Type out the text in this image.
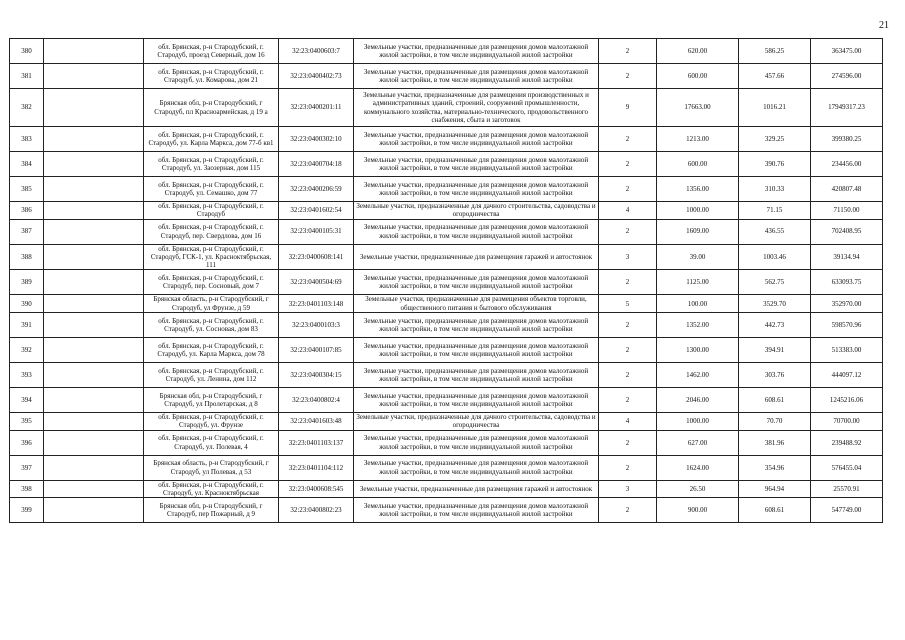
21
380		обл. Брянская, р-н Стародубский, г. Стародуб, проезд Северный, дом 16	32:23:0400603:7	Земельные участки, предназначенные для размещения домов малоэтажной жилой застройки, в том числе индивидуальной жилой застройки	2	620.00	586.25	363475.00
381		обл. Брянская, р-н Стародубский, г. Стародуб, ул. Комарова, дом 21	32:23:0400402:73	Земельные участки, предназначенные для размещения домов малоэтажной жилой застройки, в том числе индивидуальной жилой застройки	2	600.00	457.66	274596.00
382		Брянская обл, р-н Стародубский, г Стародуб, пл Красноармейская, д 19 а	32:23:0400201:11	Земельные участки, предназначенные для размещения производственных и административных зданий, строений, сооружений промышленности, коммунального хозяйства, материально-технического, продовольственного снабжения, сбыта и заготовок	9	17663.00	1016.21	17949317.23
383		обл. Брянская, р-н Стародубский, г. Стародуб, ул. Карла Маркса, дом 77-б кв1	32:23:0400302:10	Земельные участки, предназначенные для размещения домов малоэтажной жилой застройки, в том числе индивидуальной жилой застройки	2	1213.00	329.25	399380.25
384		обл. Брянская, р-н Стародубский, г. Стародуб, ул. Заозерная, дом 115	32:23:0400704:18	Земельные участки, предназначенные для размещения домов малоэтажной жилой застройки, в том числе индивидуальной жилой застройки	2	600.00	390.76	234456.00
385		обл. Брянская, р-н Стародубский, г. Стародуб, ул. Семашко, дом 77	32:23:0400206:59	Земельные участки, предназначенные для размещения домов малоэтажной жилой застройки, в том числе индивидуальной жилой застройки	2	1356.00	310.33	420807.48
386		обл. Брянская, р-н Стародубский, г. Стародуб	32:23:0401602:54	Земельные участки, предназначенные для дачного строительства, садоводства и огородничества	4	1000.00	71.15	71150.00
387		обл. Брянская, р-н Стародубский, г. Стародуб, пер. Свердлова, дом 16	32:23:0400105:31	Земельные участки, предназначенные для размещения домов малоэтажной жилой застройки, в том числе индивидуальной жилой застройки	2	1609.00	436.55	702408.95
388		обл. Брянская, р-н Стародубский, г. Стародуб, ГСК-1, ул. Красноктябрьская, 111	32:23:0400608:141	Земельные участки, предназначенные для размещения гаражей и автостоянок	3	39.00	1003.46	39134.94
389		обл. Брянская, р-н Стародубский, г. Стародуб, пер. Сосновый, дом 7	32:23:0400504:69	Земельные участки, предназначенные для размещения домов малоэтажной жилой застройки, в том числе индивидуальной жилой застройки	2	1125.00	562.75	633093.75
390		Брянская область, р-н Стародубский, г Стародуб, ул Фрунзе, д 59	32:23:0401103:148	Земельные участки, предназначенные для размещения объектов торговли, общественного питания и бытового обслуживания	5	100.00	3529.70	352970.00
391		обл. Брянская, р-н Стародубский, г. Стародуб, ул. Сосновая, дом 83	32:23:0400103:3	Земельные участки, предназначенные для размещения домов малоэтажной жилой застройки, в том числе индивидуальной жилой застройки	2	1352.00	442.73	598570.96
392		обл. Брянская, р-н Стародубский, г. Стародуб, ул. Карла Маркса, дом 78	32:23:0400107:85	Земельные участки, предназначенные для размещения домов малоэтажной жилой застройки, в том числе индивидуальной жилой застройки	2	1300.00	394.91	513383.00
393		обл. Брянская, р-н Стародубский, г. Стародуб, ул. Ленина, дом 112	32:23:0400304:15	Земельные участки, предназначенные для размещения домов малоэтажной жилой застройки, в том числе индивидуальной жилой застройки	2	1462.00	303.76	444097.12
394		Брянская обл, р-н Стародубский, г Стародуб, ул Пролетарская, д 8	32:23:0400802:4	Земельные участки, предназначенные для размещения домов малоэтажной жилой застройки, в том числе индивидуальной жилой застройки	2	2046.00	608.61	1245216.06
395		обл. Брянская, р-н Стародубский, г. Стародуб, ул. Фрунзе	32:23:0401603:48	Земельные участки, предназначенные для дачного строительства, садоводства и огородничества	4	1000.00	70.70	70700.00
396		обл. Брянская, р-н Стародубский, г. Стародуб, ул. Полевая, 4	32:23:0401103:137	Земельные участки, предназначенные для размещения домов малоэтажной жилой застройки, в том числе индивидуальной жилой застройки	2	627.00	381.96	239488.92
397		Брянская область, р-н Стародубский, г Стародуб, ул Полевая, д 53	32:23:0401104:112	Земельные участки, предназначенные для размещения домов малоэтажной жилой застройки, в том числе индивидуальной жилой застройки	2	1624.00	354.96	576455.04
398		обл. Брянская, р-н Стародубский, г. Стародуб, ул. Красноктябрьская	32:23:0400608:545	Земельные участки, предназначенные для размещения гаражей и автостоянок	3	26.50	964.94	25570.91
399		Брянская обл, р-н Стародубский, г Стародуб, пер Пожарный, д 9	32:23:0400802:23	Земельные участки, предназначенные для размещения домов малоэтажной жилой застройки, в том числе индивидуальной жилой застройки	2	900.00	608.61	547749.00
